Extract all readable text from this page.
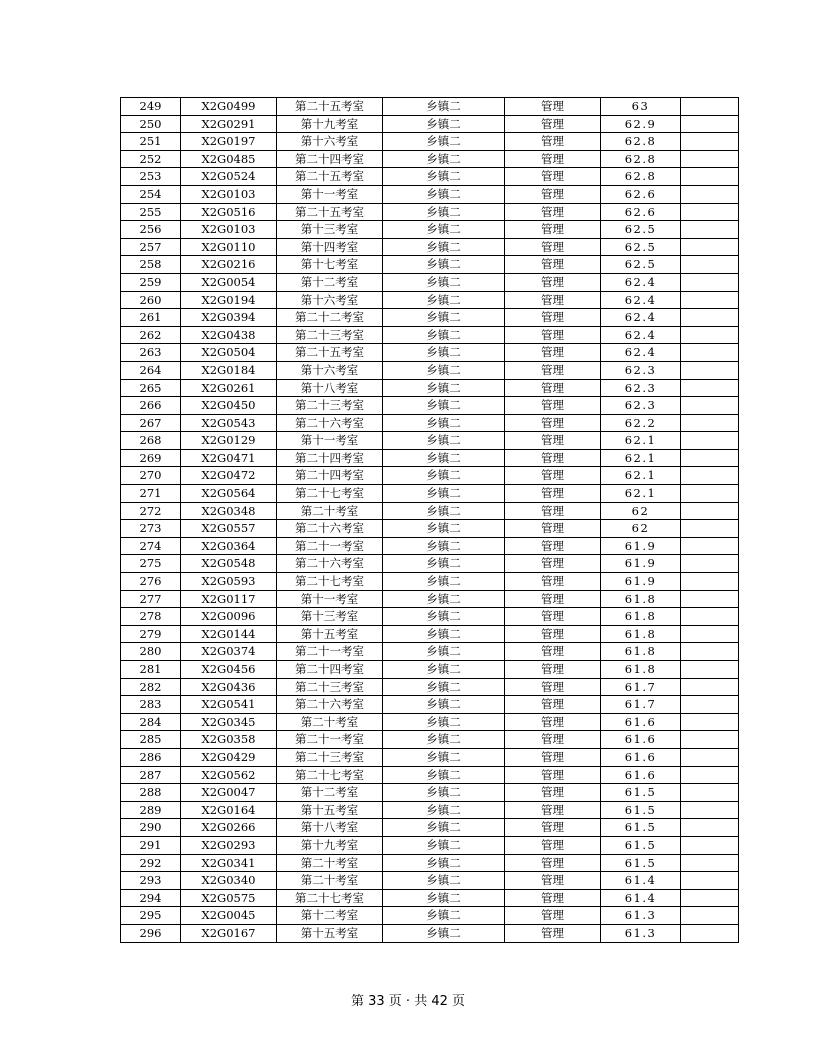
249	X2G0499	第二十五考室	乡镇二	管理	63	
250	X2G0291	第十九考室	乡镇二	管理	62.9	
251	X2G0197	第十六考室	乡镇二	管理	62.8	
252	X2G0485	第二十四考室	乡镇二	管理	62.8	
253	X2G0524	第二十五考室	乡镇二	管理	62.8	
254	X2G0103	第十一考室	乡镇二	管理	62.6	
255	X2G0516	第二十五考室	乡镇二	管理	62.6	
256	X2G0103	第十三考室	乡镇二	管理	62.5	
257	X2G0110	第十四考室	乡镇二	管理	62.5	
258	X2G0216	第十七考室	乡镇二	管理	62.5	
259	X2G0054	第十二考室	乡镇二	管理	62.4	
260	X2G0194	第十六考室	乡镇二	管理	62.4	
261	X2G0394	第二十二考室	乡镇二	管理	62.4	
262	X2G0438	第二十三考室	乡镇二	管理	62.4	
263	X2G0504	第二十五考室	乡镇二	管理	62.4	
264	X2G0184	第十六考室	乡镇二	管理	62.3	
265	X2G0261	第十八考室	乡镇二	管理	62.3	
266	X2G0450	第二十三考室	乡镇二	管理	62.3	
267	X2G0543	第二十六考室	乡镇二	管理	62.2	
268	X2G0129	第十一考室	乡镇二	管理	62.1	
269	X2G0471	第二十四考室	乡镇二	管理	62.1	
270	X2G0472	第二十四考室	乡镇二	管理	62.1	
271	X2G0564	第二十七考室	乡镇二	管理	62.1	
272	X2G0348	第二十考室	乡镇二	管理	62	
273	X2G0557	第二十六考室	乡镇二	管理	62	
274	X2G0364	第二十一考室	乡镇二	管理	61.9	
275	X2G0548	第二十六考室	乡镇二	管理	61.9	
276	X2G0593	第二十七考室	乡镇二	管理	61.9	
277	X2G0117	第十一考室	乡镇二	管理	61.8	
278	X2G0096	第十三考室	乡镇二	管理	61.8	
279	X2G0144	第十五考室	乡镇二	管理	61.8	
280	X2G0374	第二十一考室	乡镇二	管理	61.8	
281	X2G0456	第二十四考室	乡镇二	管理	61.8	
282	X2G0436	第二十三考室	乡镇二	管理	61.7	
283	X2G0541	第二十六考室	乡镇二	管理	61.7	
284	X2G0345	第二十考室	乡镇二	管理	61.6	
285	X2G0358	第二十一考室	乡镇二	管理	61.6	
286	X2G0429	第二十三考室	乡镇二	管理	61.6	
287	X2G0562	第二十七考室	乡镇二	管理	61.6	
288	X2G0047	第十二考室	乡镇二	管理	61.5	
289	X2G0164	第十五考室	乡镇二	管理	61.5	
290	X2G0266	第十八考室	乡镇二	管理	61.5	
291	X2G0293	第十九考室	乡镇二	管理	61.5	
292	X2G0341	第二十考室	乡镇二	管理	61.5	
293	X2G0340	第二十考室	乡镇二	管理	61.4	
294	X2G0575	第二十七考室	乡镇二	管理	61.4	
295	X2G0045	第十二考室	乡镇二	管理	61.3	
296	X2G0167	第十五考室	乡镇二	管理	61.3	
第 33 页 · 共 42 页
